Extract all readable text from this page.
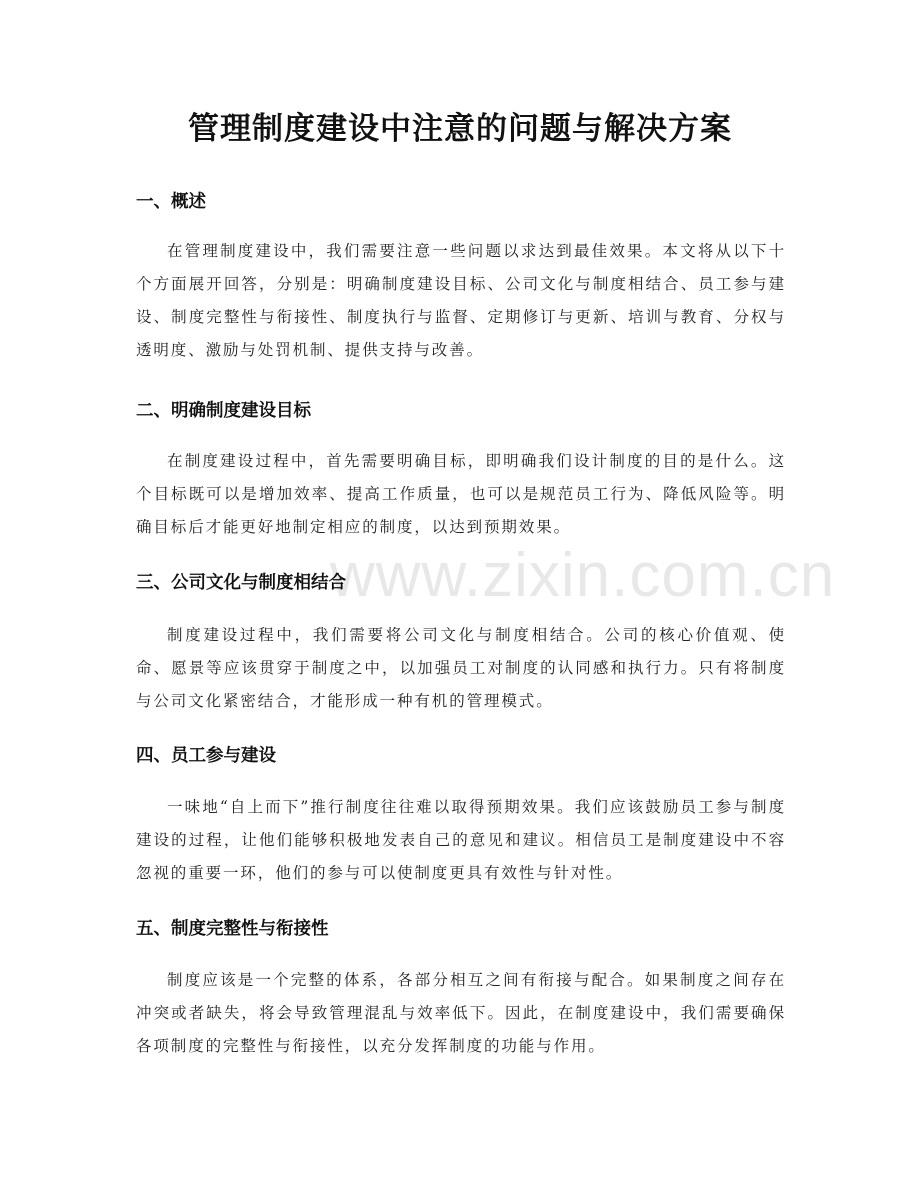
管理制度建设中注意的问题与解决方案
一、概述

在管理制度建设中，我们需要注意一些问题以求达到最佳效果。本文将从以下十个方面展开回答，分别是：明确制度建设目标、公司文化与制度相结合、员工参与建设、制度完整性与衔接性、制度执行与监督、定期修订与更新、培训与教育、分权与透明度、激励与处罚机制、提供支持与改善。

二、明确制度建设目标

在制度建设过程中，首先需要明确目标，即明确我们设计制度的目的是什么。这个目标既可以是增加效率、提高工作质量，也可以是规范员工行为、降低风险等。明确目标后才能更好地制定相应的制度，以达到预期效果。

三、公司文化与制度相结合

制度建设过程中，我们需要将公司文化与制度相结合。公司的核心价值观、使命、愿景等应该贯穿于制度之中，以加强员工对制度的认同感和执行力。只有将制度与公司文化紧密结合，才能形成一种有机的管理模式。

四、员工参与建设

一味地“自上而下”推行制度往往难以取得预期效果。我们应该鼓励员工参与制度建设的过程，让他们能够积极地发表自己的意见和建议。相信员工是制度建设中不容忽视的重要一环，他们的参与可以使制度更具有效性与针对性。

五、制度完整性与衔接性

制度应该是一个完整的体系，各部分相互之间有衔接与配合。如果制度之间存在冲突或者缺失，将会导致管理混乱与效率低下。因此，在制度建设中，我们需要确保各项制度的完整性与衔接性，以充分发挥制度的功能与作用。

www.zixin.com.cn
